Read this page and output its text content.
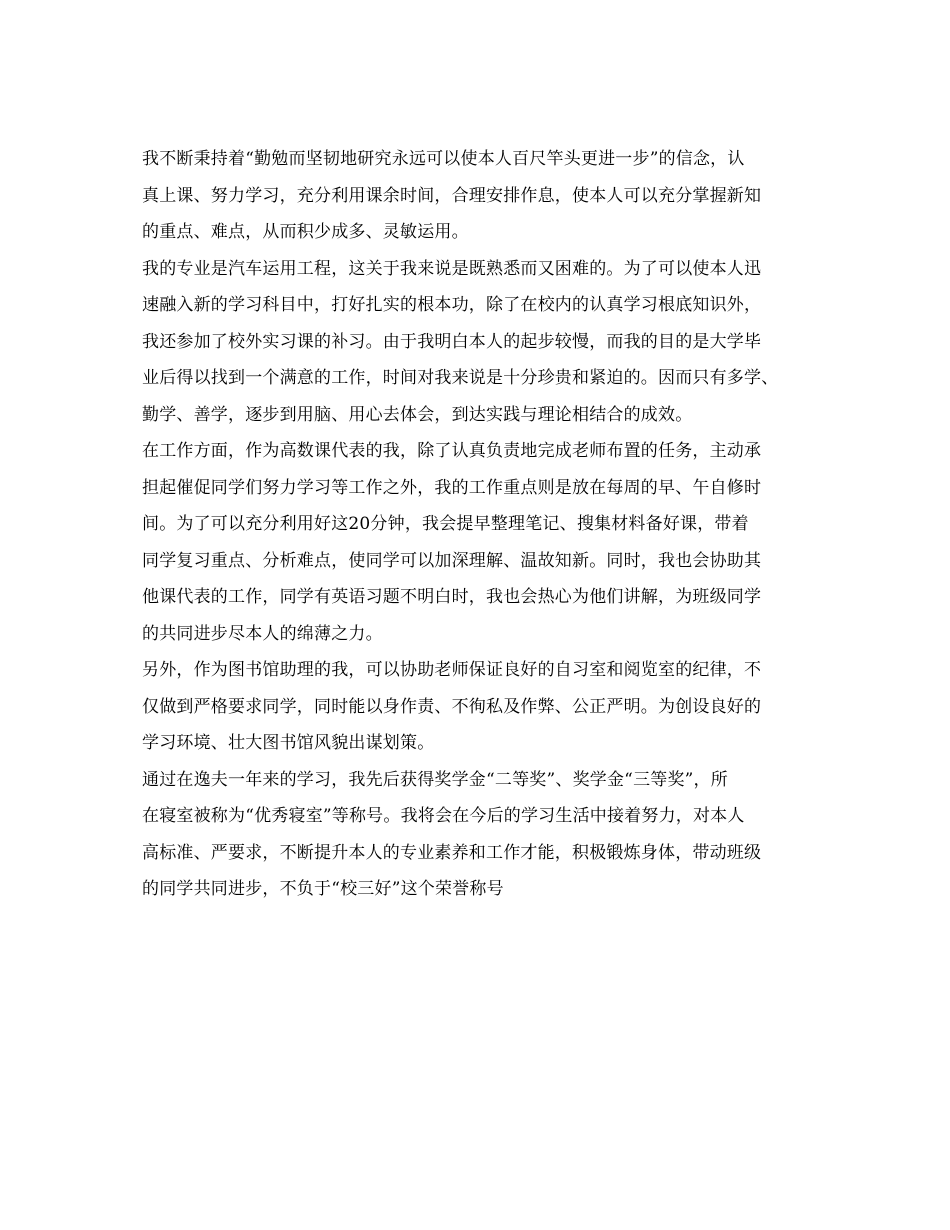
我不断秉持着“勤勉而坚韧地研究永远可以使本人百尺竿头更进一步”的信念，认
真上课、努力学习，充分利用课余时间，合理安排作息，使本人可以充分掌握新知
的重点、难点，从而积少成多、灵敏运用。

我的专业是汽车运用工程，这关于我来说是既熟悉而又困难的。为了可以使本人迅
速融入新的学习科目中，打好扎实的根本功，除了在校内的认真学习根底知识外，
我还参加了校外实习课的补习。由于我明白本人的起步较慢，而我的目的是大学毕
业后得以找到一个满意的工作，时间对我来说是十分珍贵和紧迫的。因而只有多学、
勤学、善学，逐步到用脑、用心去体会，到达实践与理论相结合的成效。

在工作方面，作为高数课代表的我，除了认真负责地完成老师布置的任务，主动承
担起催促同学们努力学习等工作之外，我的工作重点则是放在每周的早、午自修时
间。为了可以充分利用好这20分钟，我会提早整理笔记、搜集材料备好课，带着
同学复习重点、分析难点，使同学可以加深理解、温故知新。同时，我也会协助其
他课代表的工作，同学有英语习题不明白时，我也会热心为他们讲解，为班级同学
的共同进步尽本人的绵薄之力。

另外，作为图书馆助理的我，可以协助老师保证良好的自习室和阅览室的纪律，不
仅做到严格要求同学，同时能以身作责、不徇私及作弊、公正严明。为创设良好的
学习环境、壮大图书馆风貌出谋划策。

通过在逸夫一年来的学习，我先后获得奖学金“二等奖”、奖学金“三等奖”，所
在寝室被称为“优秀寝室”等称号。我将会在今后的学习生活中接着努力，对本人
高标准、严要求，不断提升本人的专业素养和工作才能，积极锻炼身体，带动班级
的同学共同进步，不负于“校三好”这个荣誉称号
